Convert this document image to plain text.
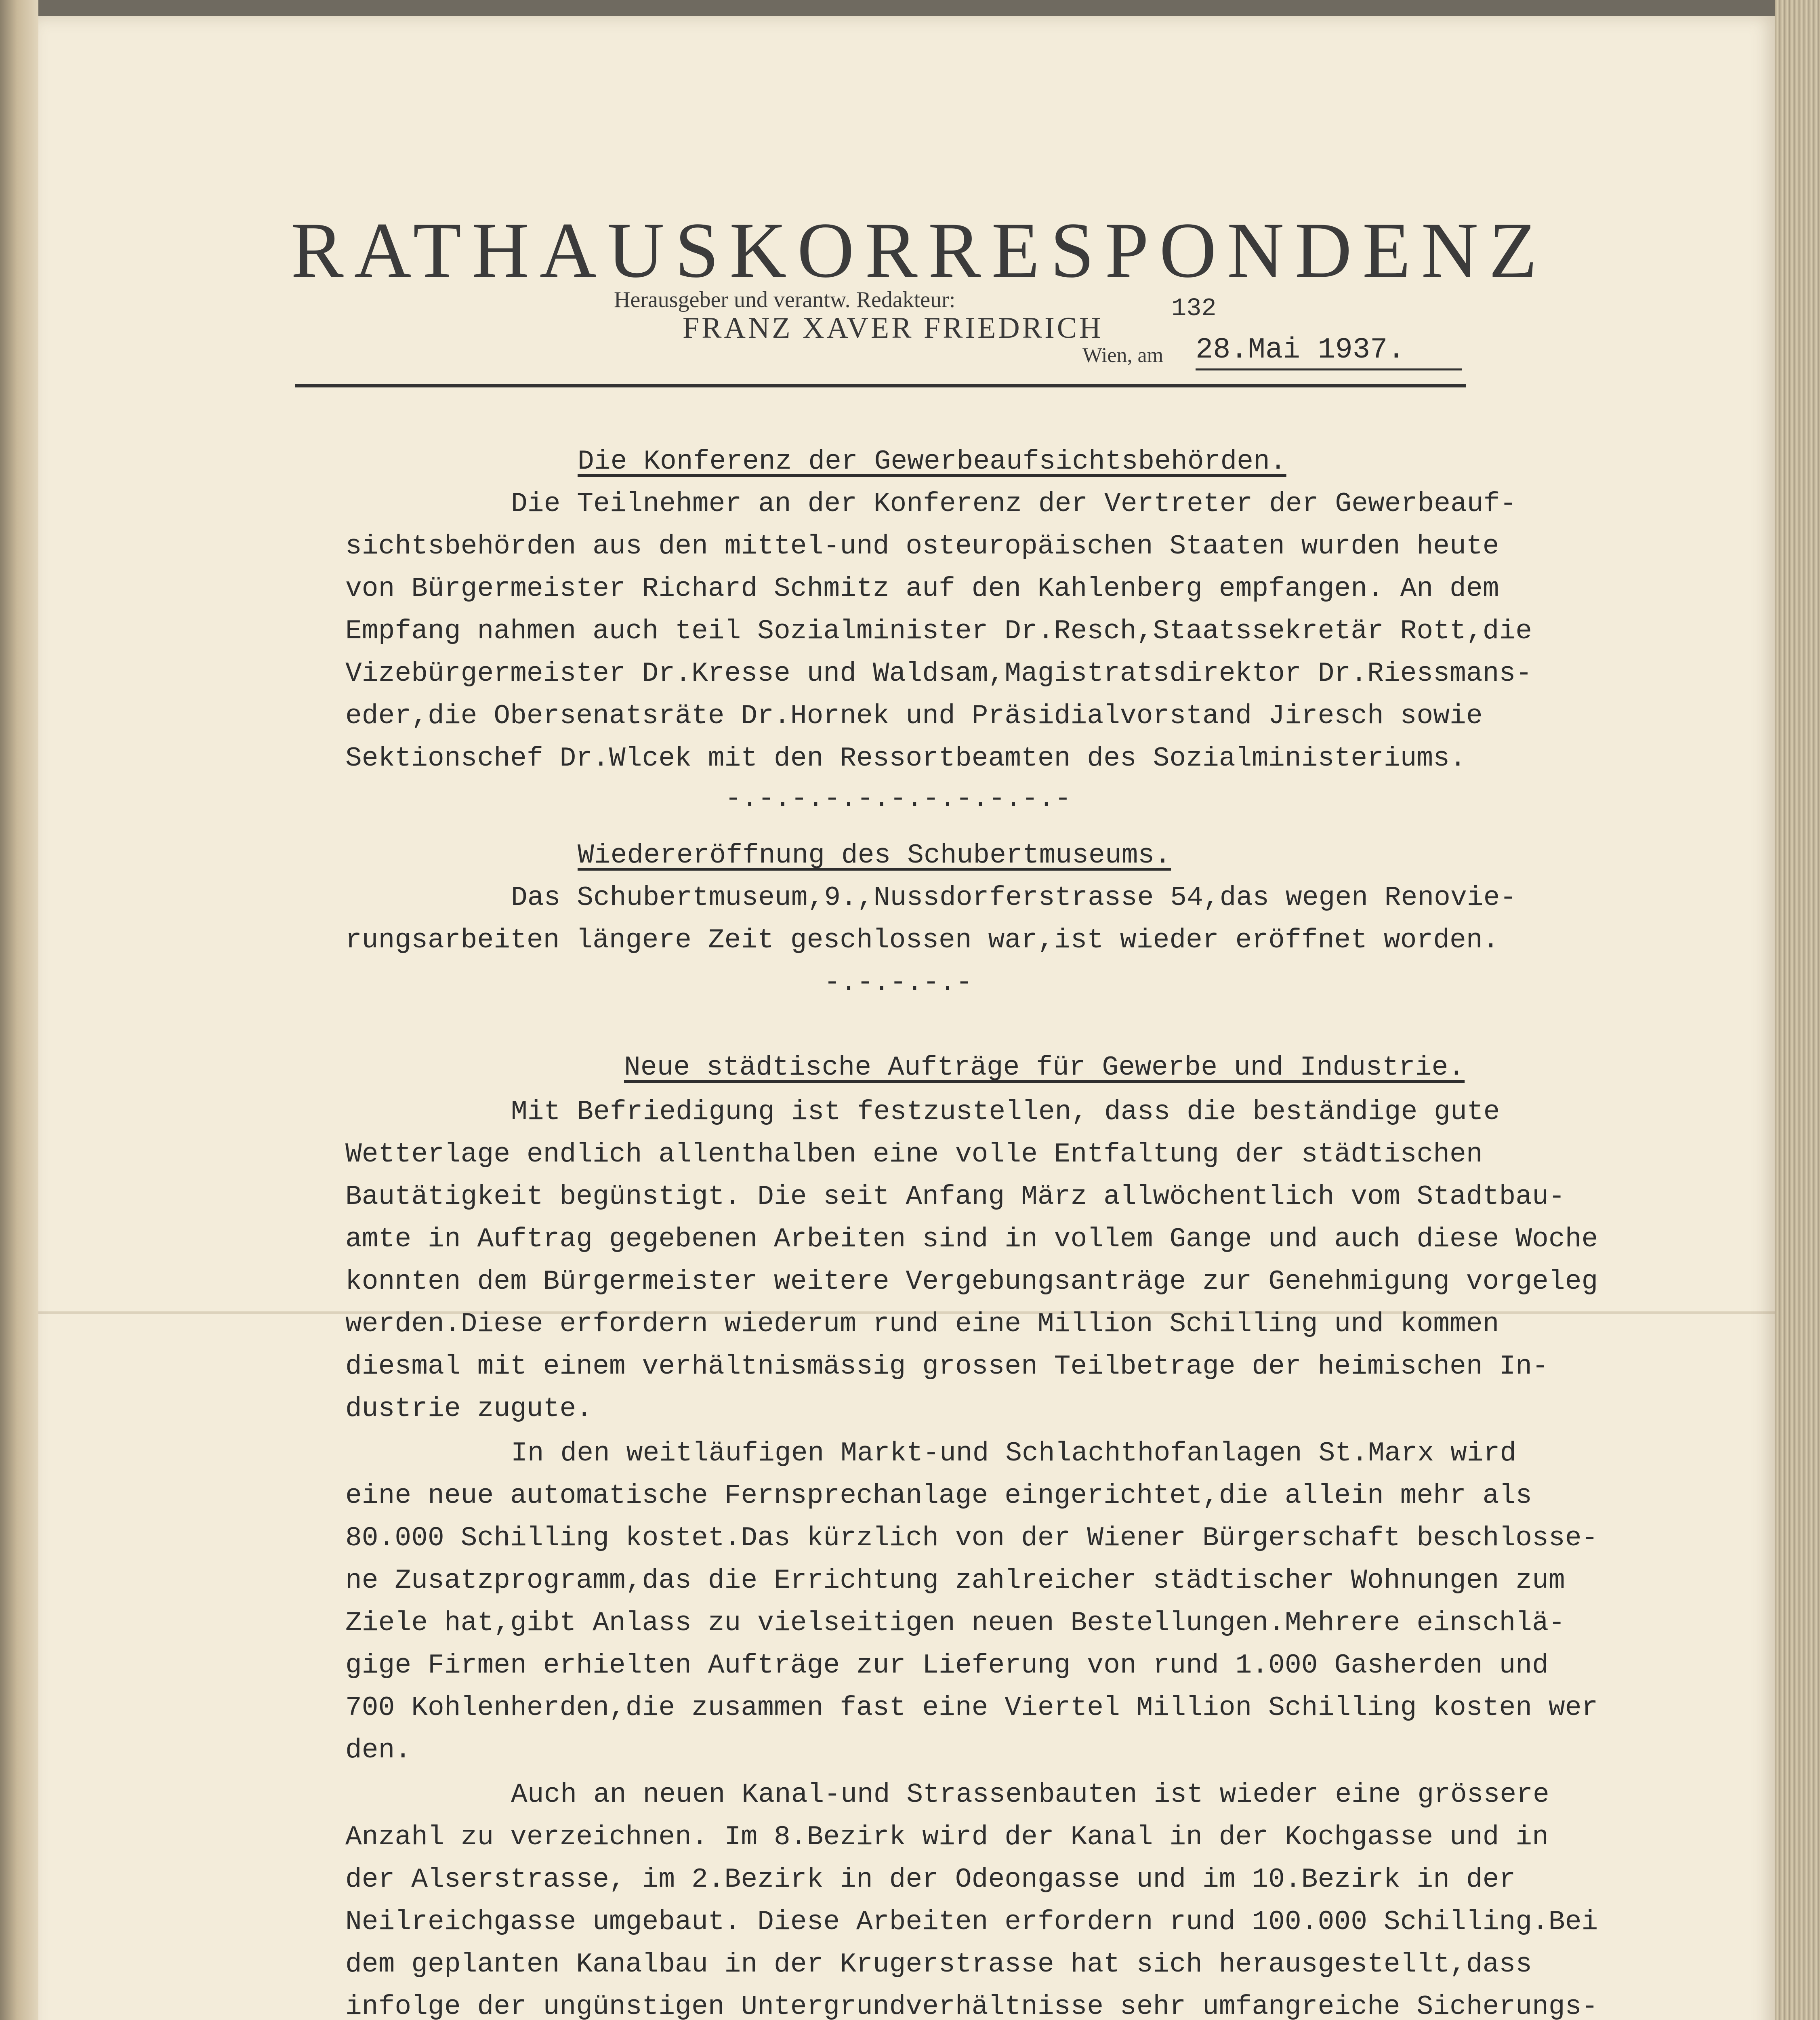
RATHAUSKORRESPONDENZ
Herausgeber und verantw. Redakteur:
FRANZ XAVER FRIEDRICH
132
Wien, am 28.Mai 1937.
Die Konferenz der Gewerbeaufsichtsbehörden.
Die Teilnehmer an der Konferenz der Vertreter der Gewerbeauf-
sichtsbehörden aus den mittel-und osteuropäischen Staaten wurden heute
von Bürgermeister Richard Schmitz auf den Kahlenberg empfangen. An dem
Empfang nahmen auch teil Sozialminister Dr.Resch,Staatssekretär Rott,die
Vizebürgermeister Dr.Kresse und Waldsam,Magistratsdirektor Dr.Riessmans-
eder,die Obersenatsräte Dr.Hornek und Präsidialvorstand Jiresch sowie
Sektionschef Dr.Wlcek mit den Ressortbeamten des Sozialministeriums.
-.-.-.-.-.-.-.-.-.-.-
Wiedereröffnung des Schubertmuseums.
Das Schubertmuseum,9.,Nussdorferstrasse 54,das wegen Renovie-
rungsarbeiten längere Zeit geschlossen war,ist wieder eröffnet worden.
-.-.-.-.-
Neue städtische Aufträge für Gewerbe und Industrie.
Mit Befriedigung ist festzustellen, dass die beständige gute
Wetterlage endlich allenthalben eine volle Entfaltung der städtischen
Bautätigkeit begünstigt. Die seit Anfang März allwöchentlich vom Stadtbau-
amte in Auftrag gegebenen Arbeiten sind in vollem Gange und auch diese Woche
konnten dem Bürgermeister weitere Vergebungsanträge zur Genehmigung vorgeleg
werden.Diese erfordern wiederum rund eine Million Schilling und kommen
diesmal mit einem verhältnismässig grossen Teilbetrage der heimischen In-
dustrie zugute.
In den weitläufigen Markt-und Schlachthofanlagen St.Marx wird
eine neue automatische Fernsprechanlage eingerichtet,die allein mehr als
80.000 Schilling kostet.Das kürzlich von der Wiener Bürgerschaft beschlosse-
ne Zusatzprogramm,das die Errichtung zahlreicher städtischer Wohnungen zum
Ziele hat,gibt Anlass zu vielseitigen neuen Bestellungen.Mehrere einschlä-
gige Firmen erhielten Aufträge zur Lieferung von rund 1.000 Gasherden und
700 Kohlenherden,die zusammen fast eine Viertel Million Schilling kosten wer
den.
Auch an neuen Kanal-und Strassenbauten ist wieder eine grössere
Anzahl zu verzeichnen. Im 8.Bezirk wird der Kanal in der Kochgasse und in
der Alserstrasse, im 2.Bezirk in der Odeongasse und im 10.Bezirk in der
Neilreichgasse umgebaut. Diese Arbeiten erfordern rund 100.000 Schilling.Bei
dem geplanten Kanalbau in der Krugerstrasse hat sich herausgestellt,dass
infolge der ungünstigen Untergrundverhältnisse sehr umfangreiche Sicherungs-
